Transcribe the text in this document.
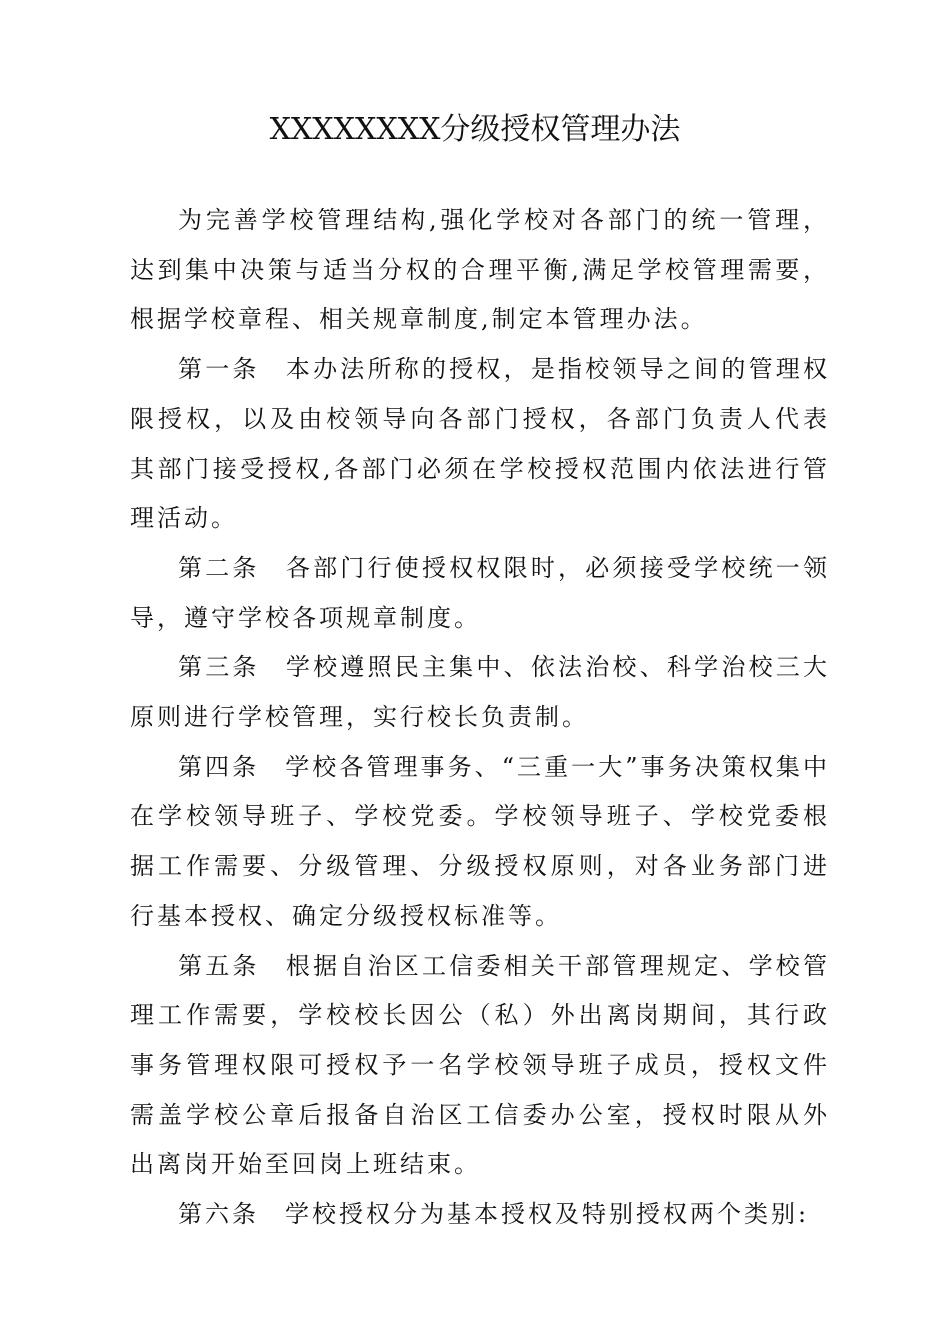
XXXXXXXX分级授权管理办法

为完善学校管理结构,强化学校对各部门的统一管理，达到集中决策与适当分权的合理平衡,满足学校管理需要，根据学校章程、相关规章制度,制定本管理办法。

第一条 本办法所称的授权，是指校领导之间的管理权限授权，以及由校领导向各部门授权，各部门负责人代表其部门接受授权,各部门必须在学校授权范围内依法进行管理活动。

第二条 各部门行使授权权限时，必须接受学校统一领导，遵守学校各项规章制度。

第三条 学校遵照民主集中、依法治校、科学治校三大原则进行学校管理，实行校长负责制。

第四条 学校各管理事务、“三重一大”事务决策权集中在学校领导班子、学校党委。学校领导班子、学校党委根据工作需要、分级管理、分级授权原则，对各业务部门进行基本授权、确定分级授权标准等。

第五条 根据自治区工信委相关干部管理规定、学校管理工作需要，学校校长因公（私）外出离岗期间，其行政事务管理权限可授权予一名学校领导班子成员，授权文件需盖学校公章后报备自治区工信委办公室，授权时限从外出离岗开始至回岗上班结束。

第六条 学校授权分为基本授权及特别授权两个类别:
